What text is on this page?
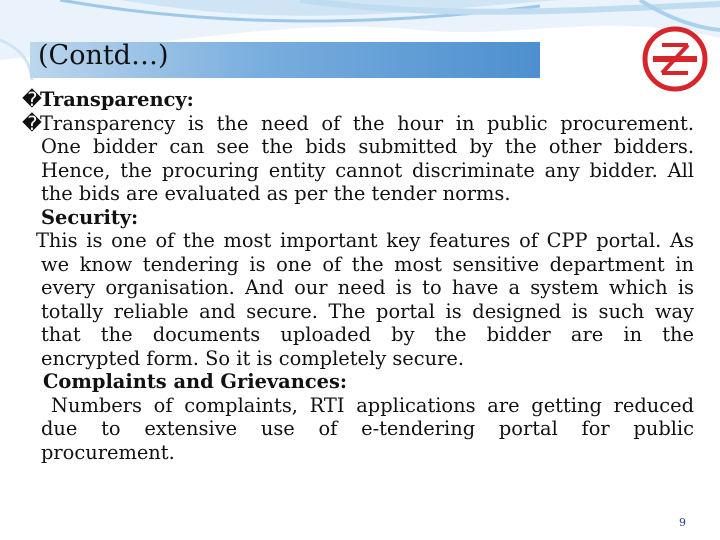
(Contd…)
�
Transparency:
�
Transparency is the need of the hour in public procurement.
One bidder can see the bids submitted by the other bidders.
Hence, the procuring entity cannot discriminate any bidder. All
the bids are evaluated as per the tender norms.
Security:
This is one of the most important key features of CPP portal. As
we know tendering is one of the most sensitive department in
every organisation. And our need is to have a system which is
totally reliable and secure. The portal is designed is such way
that the documents uploaded by the bidder are in the
encrypted form. So it is completely secure.
Complaints and Grievances:
Numbers of complaints, RTI applications are getting reduced
due to extensive use of e-tendering portal for public
procurement.
9
